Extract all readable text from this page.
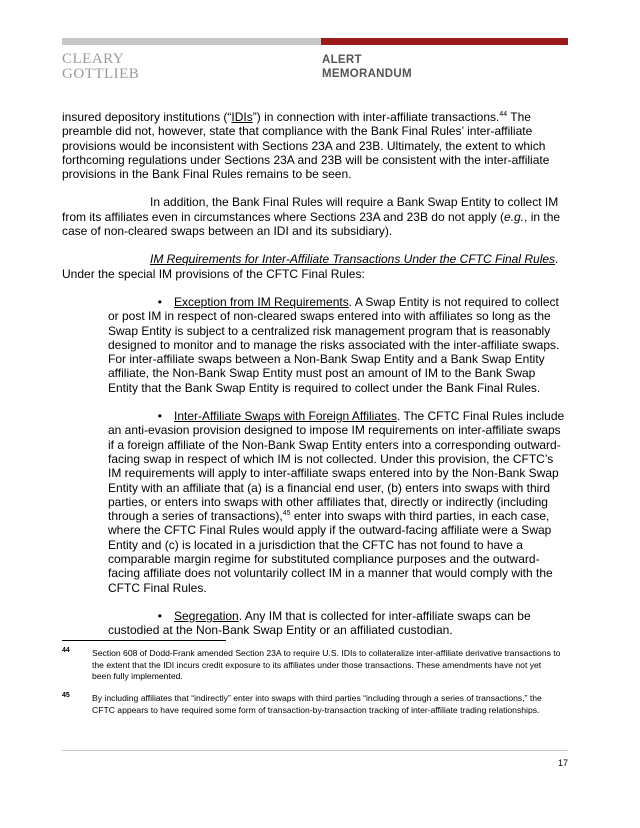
CLEARY
GOTTLIEB
ALERT
MEMORANDUM

insured depository institutions (“IDIs”) in connection with inter-affiliate transactions.$^{44}$ The preamble did not, however, state that compliance with the Bank Final Rules’ inter-affiliate provisions would be inconsistent with Sections 23A and 23B. Ultimately, the extent to which forthcoming regulations under Sections 23A and 23B will be consistent with the inter-affiliate provisions in the Bank Final Rules remains to be seen.

In addition, the Bank Final Rules will require a Bank Swap Entity to collect IM from its affiliates even in circumstances where Sections 23A and 23B do not apply (e.g., in the case of non-cleared swaps between an IDI and its subsidiary).

IM Requirements for Inter-Affiliate Transactions Under the CFTC Final Rules.

Under the special IM provisions of the CFTC Final Rules:

• Exception from IM Requirements. A Swap Entity is not required to collect or post IM in respect of non-cleared swaps entered into with affiliates so long as the Swap Entity is subject to a centralized risk management program that is reasonably designed to monitor and to manage the risks associated with the inter-affiliate swaps. For inter-affiliate swaps between a Non-Bank Swap Entity and a Bank Swap Entity affiliate, the Non-Bank Swap Entity must post an amount of IM to the Bank Swap Entity that the Bank Swap Entity is required to collect under the Bank Final Rules.

• Inter-Affiliate Swaps with Foreign Affiliates. The CFTC Final Rules include an anti-evasion provision designed to impose IM requirements on inter-affiliate swaps if a foreign affiliate of the Non-Bank Swap Entity enters into a corresponding outward-facing swap in respect of which IM is not collected. Under this provision, the CFTC’s IM requirements will apply to inter-affiliate swaps entered into by the Non-Bank Swap Entity with an affiliate that (a) is a financial end user, (b) enters into swaps with third parties, or enters into swaps with other affiliates that, directly or indirectly (including through a series of transactions),$^{45}$ enter into swaps with third parties, in each case, where the CFTC Final Rules would apply if the outward-facing affiliate were a Swap Entity and (c) is located in a jurisdiction that the CFTC has not found to have a comparable margin regime for substituted compliance purposes and the outward-facing affiliate does not voluntarily collect IM in a manner that would comply with the CFTC Final Rules.

• Segregation. Any IM that is collected for inter-affiliate swaps can be custodied at the Non-Bank Swap Entity or an affiliated custodian.

44	Section 608 of Dodd-Frank amended Section 23A to require U.S. IDIs to collateralize inter-affiliate derivative transactions to the extent that the IDI incurs credit exposure to its affiliates under those transactions. These amendments have not yet been fully implemented.
45	By including affiliates that “indirectly” enter into swaps with third parties “including through a series of transactions,” the CFTC appears to have required some form of transaction-by-transaction tracking of inter-affiliate trading relationships.
17
